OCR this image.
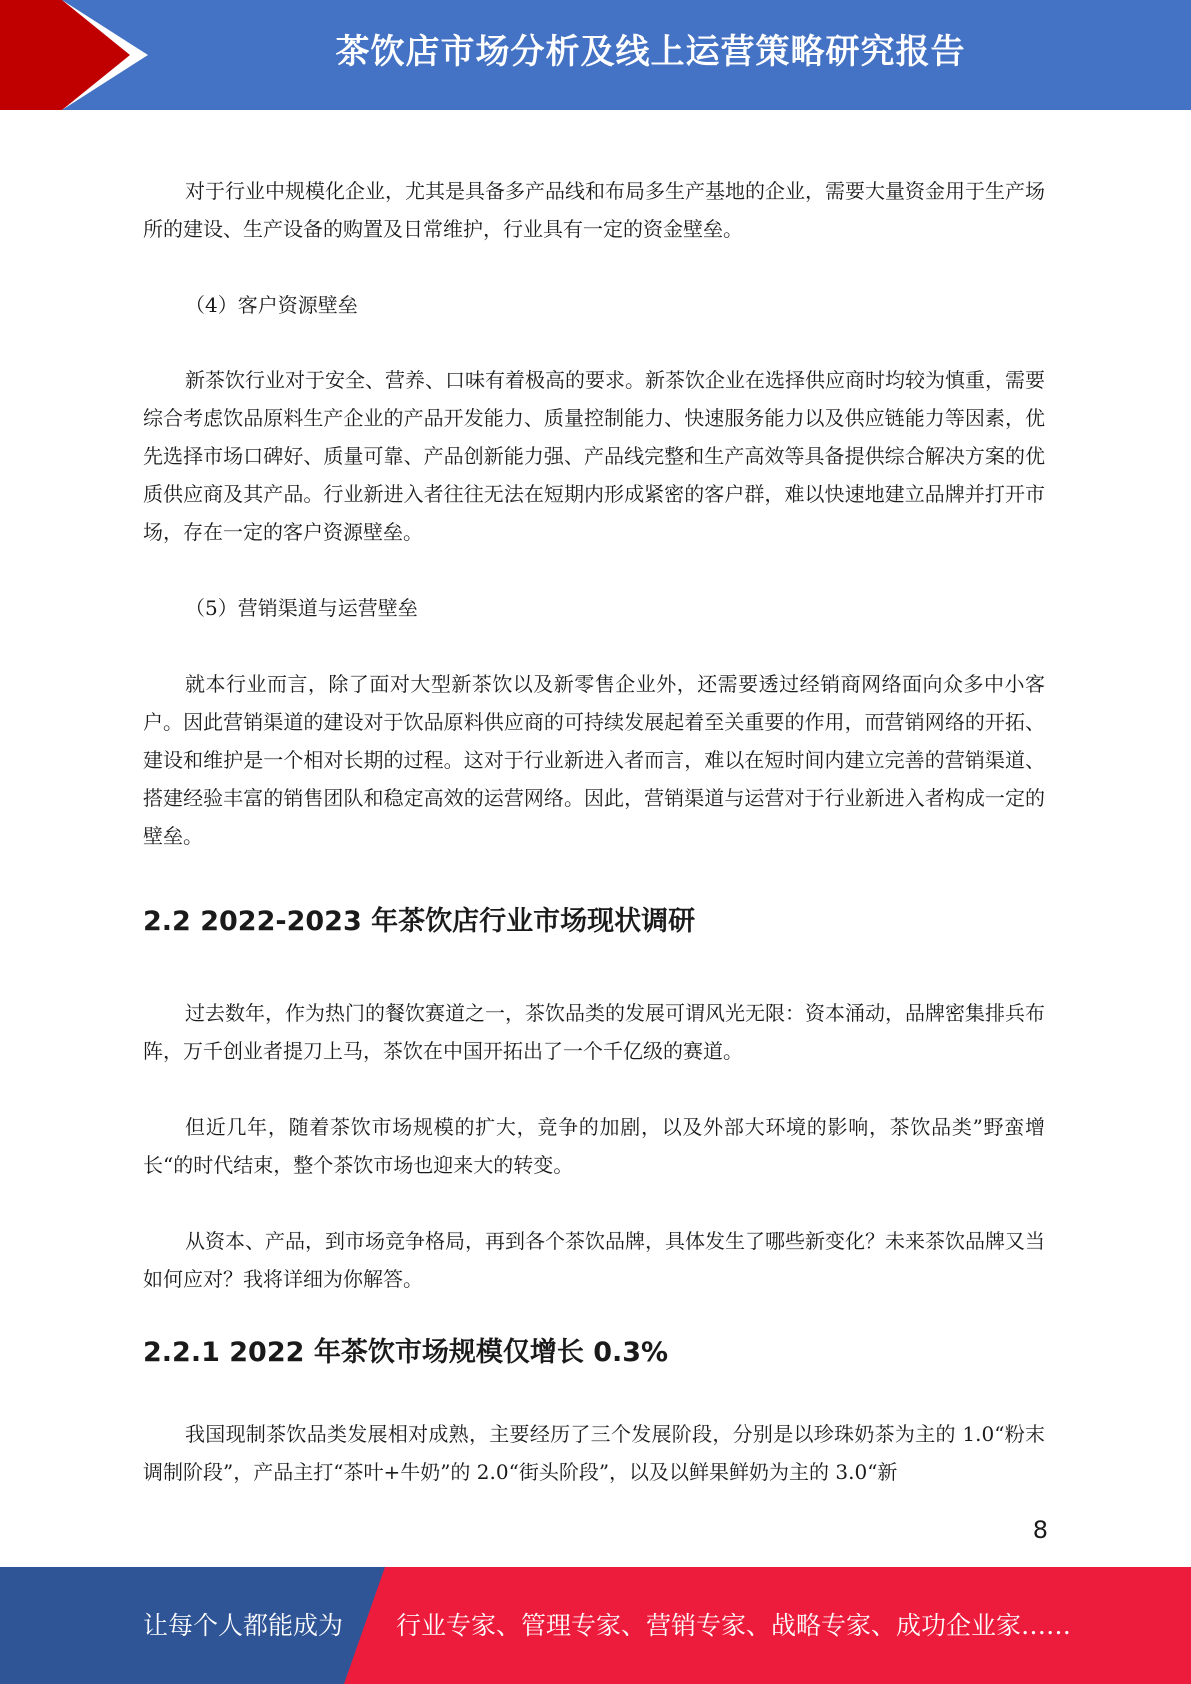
茶饮店市场分析及线上运营策略研究报告

对于行业中规模化企业，尤其是具备多产品线和布局多生产基地的企业，需要大量资金用于生产场所的建设、生产设备的购置及日常维护，行业具有一定的资金壁垒。

（4）客户资源壁垒

新茶饮行业对于安全、营养、口味有着极高的要求。新茶饮企业在选择供应商时均较为慎重，需要综合考虑饮品原料生产企业的产品开发能力、质量控制能力、快速服务能力以及供应链能力等因素，优先选择市场口碑好、质量可靠、产品创新能力强、产品线完整和生产高效等具备提供综合解决方案的优质供应商及其产品。行业新进入者往往无法在短期内形成紧密的客户群，难以快速地建立品牌并打开市场，存在一定的客户资源壁垒。

（5）营销渠道与运营壁垒

就本行业而言，除了面对大型新茶饮以及新零售企业外，还需要透过经销商网络面向众多中小客户。因此营销渠道的建设对于饮品原料供应商的可持续发展起着至关重要的作用，而营销网络的开拓、建设和维护是一个相对长期的过程。这对于行业新进入者而言，难以在短时间内建立完善的营销渠道、搭建经验丰富的销售团队和稳定高效的运营网络。因此，营销渠道与运营对于行业新进入者构成一定的壁垒。

2.2 2022-2023 年茶饮店行业市场现状调研

过去数年，作为热门的餐饮赛道之一，茶饮品类的发展可谓风光无限：资本涌动，品牌密集排兵布阵，万千创业者提刀上马，茶饮在中国开拓出了一个千亿级的赛道。

但近几年，随着茶饮市场规模的扩大，竞争的加剧，以及外部大环境的影响，茶饮品类”野蛮增长“的时代结束，整个茶饮市场也迎来大的转变。

从资本、产品，到市场竞争格局，再到各个茶饮品牌，具体发生了哪些新变化？未来茶饮品牌又当如何应对？我将详细为你解答。

2.2.1 2022 年茶饮市场规模仅增长 0.3%

我国现制茶饮品类发展相对成熟，主要经历了三个发展阶段，分别是以珍珠奶茶为主的 1.0“粉末调制阶段”，产品主打“茶叶+牛奶”的 2.0“街头阶段”，以及以鲜果鲜奶为主的 3.0“新

8
让每个人都能成为 行业专家、管理专家、营销专家、战略专家、成功企业家……
